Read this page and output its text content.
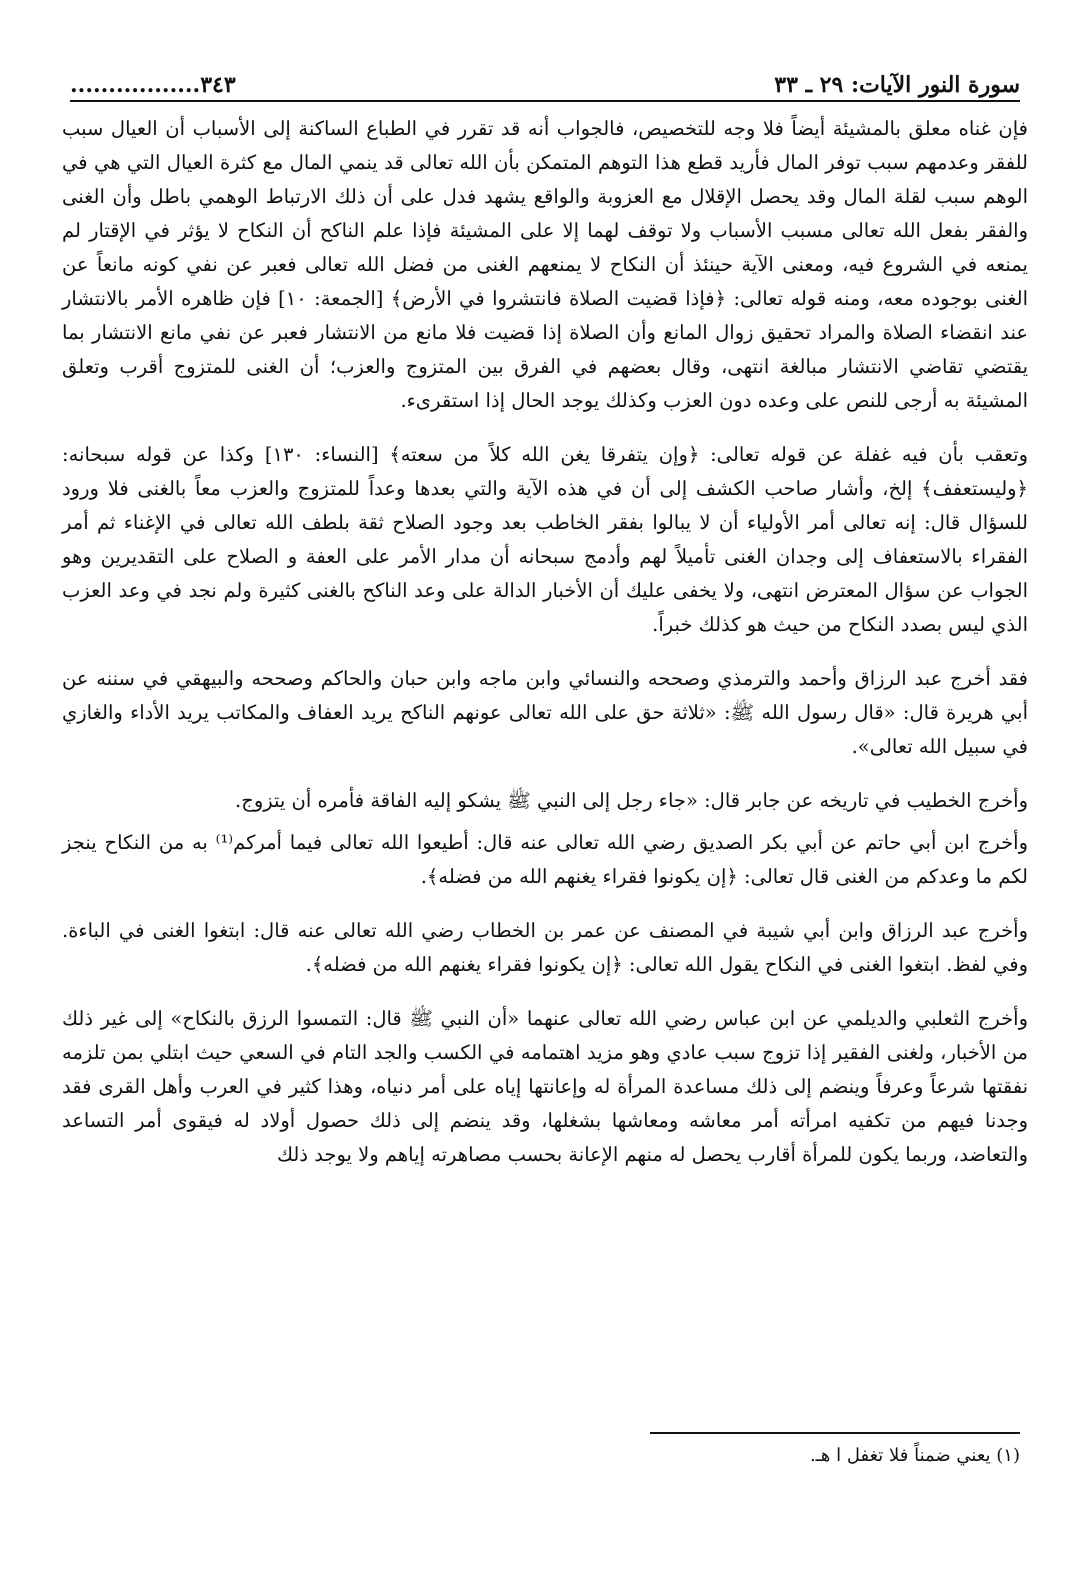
سورة النور الآيات: ٢٩ ـ ٣٣
٣٤٣.................

فإن غناه معلق بالمشيئة أيضاً فلا وجه للتخصيص، فالجواب أنه قد تقرر في الطباع الساكنة إلى الأسباب أن العيال سبب للفقر وعدمهم سبب توفر المال فأريد قطع هذا التوهم المتمكن بأن الله تعالى قد ينمي المال مع كثرة العيال التي هي في الوهم سبب لقلة المال وقد يحصل الإقلال مع العزوبة والواقع يشهد فدل على أن ذلك الارتباط الوهمي باطل وأن الغنى والفقر بفعل الله تعالى مسبب الأسباب ولا توقف لهما إلا على المشيئة فإذا علم الناكح أن النكاح لا يؤثر في الإقتار لم يمنعه في الشروع فيه، ومعنى الآية حينئذ أن النكاح لا يمنعهم الغنى من فضل الله تعالى فعبر عن نفي كونه مانعاً عن الغنى بوجوده معه، ومنه قوله تعالى: ﴿فإذا قضيت الصلاة فانتشروا في الأرض﴾ [الجمعة: ١٠] فإن ظاهره الأمر بالانتشار عند انقضاء الصلاة والمراد تحقيق زوال المانع وأن الصلاة إذا قضيت فلا مانع من الانتشار فعبر عن نفي مانع الانتشار بما يقتضي تقاضي الانتشار مبالغة انتهى، وقال بعضهم في الفرق بين المتزوج والعزب؛ أن الغنى للمتزوج أقرب وتعلق المشيئة به أرجى للنص على وعده دون العزب وكذلك يوجد الحال إذا استقرىء.

وتعقب بأن فيه غفلة عن قوله تعالى: ﴿وإن يتفرقا يغن الله كلاً من سعته﴾ [النساء: ١٣٠] وكذا عن قوله سبحانه: ﴿وليستعفف﴾ إلخ، وأشار صاحب الكشف إلى أن في هذه الآية والتي بعدها وعداً للمتزوج والعزب معاً بالغنى فلا ورود للسؤال قال: إنه تعالى أمر الأولياء أن لا يبالوا بفقر الخاطب بعد وجود الصلاح ثقة بلطف الله تعالى في الإغناء ثم أمر الفقراء بالاستعفاف إلى وجدان الغنى تأميلاً لهم وأدمج سبحانه أن مدار الأمر على العفة و الصلاح على التقديرين وهو الجواب عن سؤال المعترض انتهى، ولا يخفى عليك أن الأخبار الدالة على وعد الناكح بالغنى كثيرة ولم نجد في وعد العزب الذي ليس بصدد النكاح من حيث هو كذلك خبراً.

فقد أخرج عبد الرزاق وأحمد والترمذي وصححه والنسائي وابن ماجه وابن حبان والحاكم وصححه والبيهقي في سننه عن أبي هريرة قال: «قال رسول الله ﷺ: «ثلاثة حق على الله تعالى عونهم الناكح يريد العفاف والمكاتب يريد الأداء والغازي في سبيل الله تعالى».

وأخرج الخطيب في تاريخه عن جابر قال: «جاء رجل إلى النبي ﷺ يشكو إليه الفاقة فأمره أن يتزوج.

وأخرج ابن أبي حاتم عن أبي بكر الصديق رضي الله تعالى عنه قال: أطيعوا الله تعالى فيما أمركم⁽¹⁾ به من النكاح ينجز لكم ما وعدكم من الغنى قال تعالى: ﴿إن يكونوا فقراء يغنهم الله من فضله﴾.

وأخرج عبد الرزاق وابن أبي شيبة في المصنف عن عمر بن الخطاب رضي الله تعالى عنه قال: ابتغوا الغنى في الباءة. وفي لفظ. ابتغوا الغنى في النكاح يقول الله تعالى: ﴿إن يكونوا فقراء يغنهم الله من فضله﴾.

وأخرج الثعلبي والديلمي عن ابن عباس رضي الله تعالى عنهما «أن النبي ﷺ قال: التمسوا الرزق بالنكاح» إلى غير ذلك من الأخبار، ولغنى الفقير إذا تزوج سبب عادي وهو مزيد اهتمامه في الكسب والجد التام في السعي حيث ابتلي بمن تلزمه نفقتها شرعاً وعرفاً وينضم إلى ذلك مساعدة المرأة له وإعانتها إياه على أمر دنياه، وهذا كثير في العرب وأهل القرى فقد وجدنا فيهم من تكفيه امرأته أمر معاشه ومعاشها بشغلها، وقد ينضم إلى ذلك حصول أولاد له فيقوى أمر التساعد والتعاضد، وربما يكون للمرأة أقارب يحصل له منهم الإعانة بحسب مصاهرته إياهم ولا يوجد ذلك

(١) يعني ضمناً فلا تغفل ا هـ.
